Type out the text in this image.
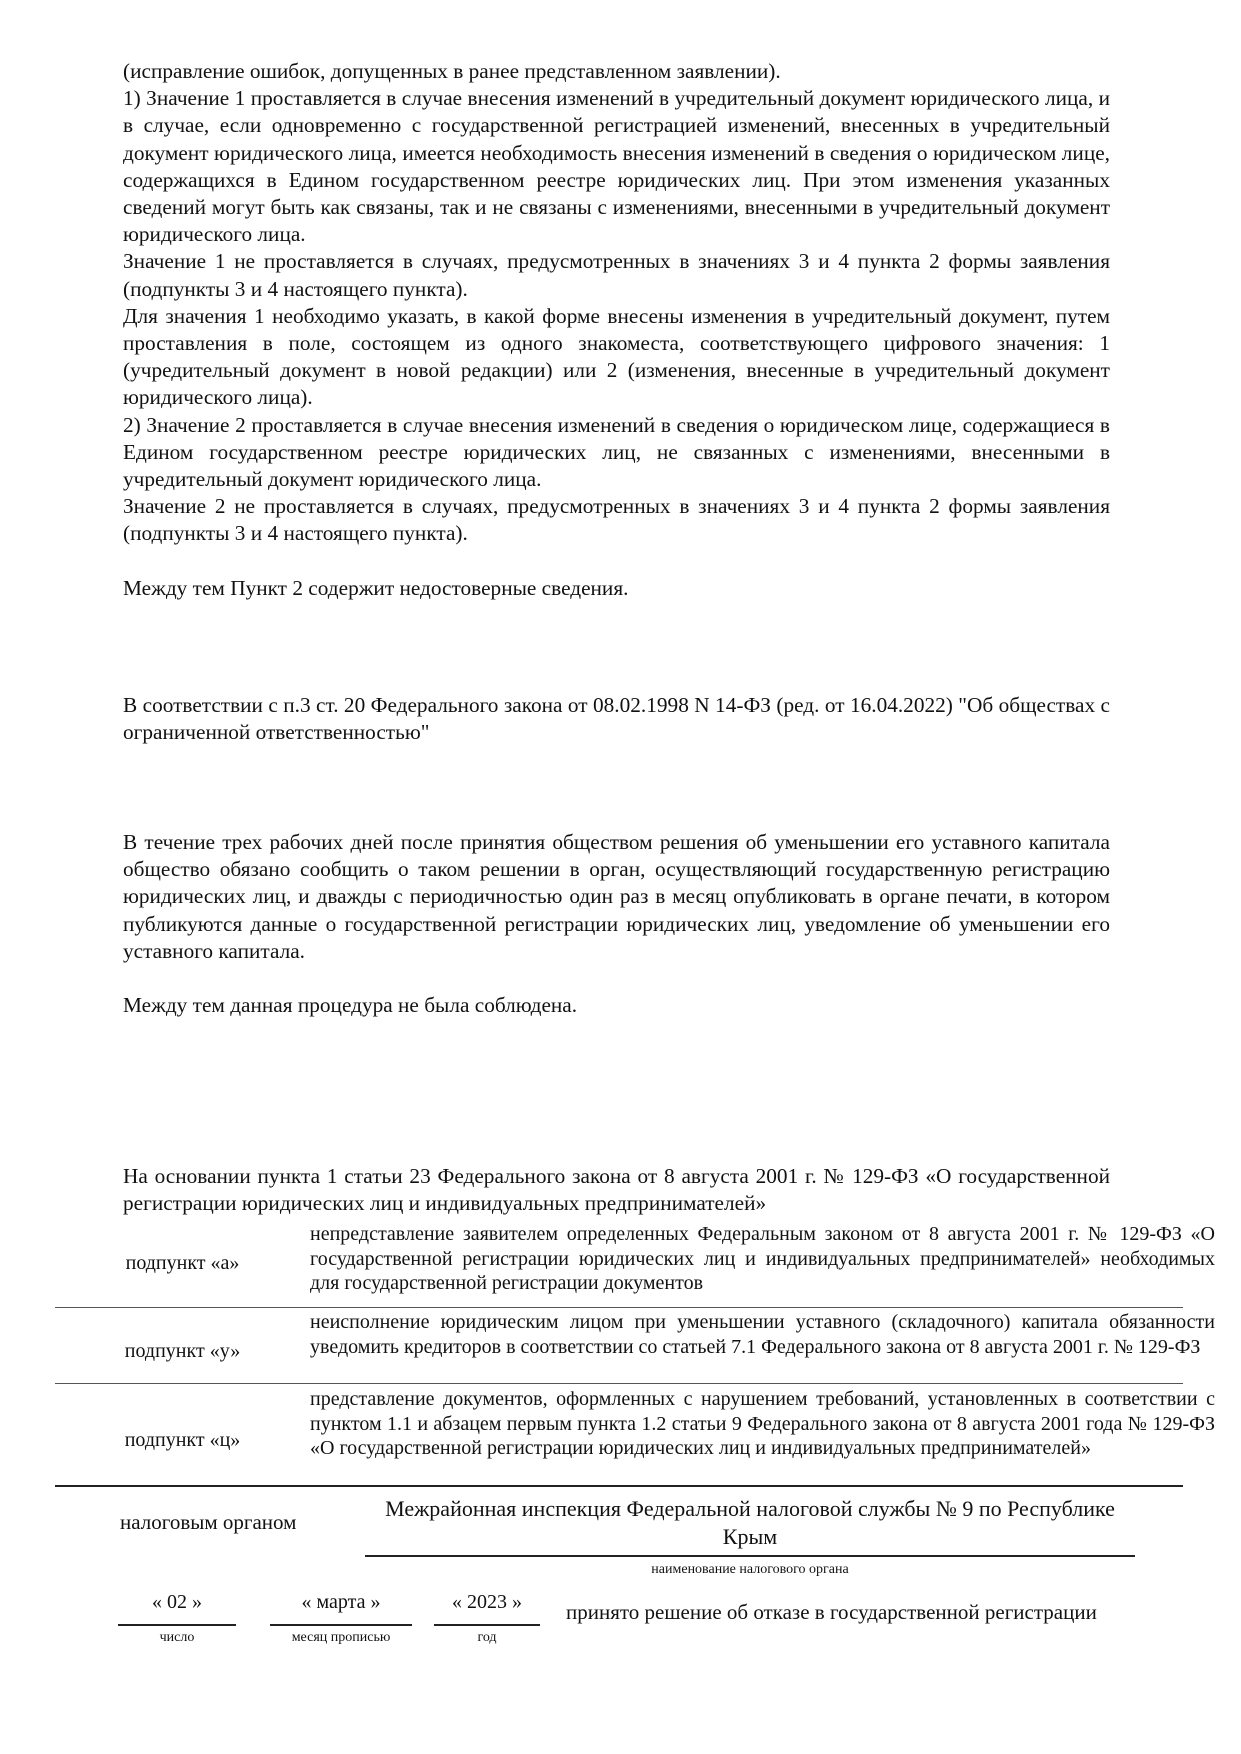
(исправление ошибок, допущенных в ранее представленном заявлении).

1) Значение 1 проставляется в случае внесения изменений в учредительный документ юридического лица, и в случае, если одновременно с государственной регистрацией изменений, внесенных в учредительный документ юридического лица, имеется необходимость внесения изменений в сведения о юридическом лице, содержащихся в Едином государственном реестре юридических лиц. При этом изменения указанных сведений могут быть как связаны, так и не связаны с изменениями, внесенными в учредительный документ юридического лица.

Значение 1 не проставляется в случаях, предусмотренных в значениях 3 и 4 пункта 2 формы заявления (подпункты 3 и 4 настоящего пункта).

Для значения 1 необходимо указать, в какой форме внесены изменения в учредительный документ, путем проставления в поле, состоящем из одного знакоместа, соответствующего цифрового значения: 1 (учредительный документ в новой редакции) или 2 (изменения, внесенные в учредительный документ юридического лица).

2) Значение 2 проставляется в случае внесения изменений в сведения о юридическом лице, содержащиеся в Едином государственном реестре юридических лиц, не связанных с изменениями, внесенными в учредительный документ юридического лица.

Значение 2 не проставляется в случаях, предусмотренных в значениях 3 и 4 пункта 2 формы заявления (подпункты 3 и 4 настоящего пункта).

Между тем Пункт 2 содержит недостоверные сведения.

В соответствии с п.3 ст. 20 Федерального закона от 08.02.1998 N 14-ФЗ (ред. от 16.04.2022) "Об обществах с ограниченной ответственностью"

В течение трех рабочих дней после принятия обществом решения об уменьшении его уставного капитала общество обязано сообщить о таком решении в орган, осуществляющий государственную регистрацию юридических лиц, и дважды с периодичностью один раз в месяц опубликовать в органе печати, в котором публикуются данные о государственной регистрации юридических лиц, уведомление об уменьшении его уставного капитала.

Между тем данная процедура не была соблюдена.

На основании пункта 1 статьи 23 Федерального закона от 8 августа 2001 г. № 129-ФЗ «О государственной регистрации юридических лиц и индивидуальных предпринимателей»

подпункт «а»
непредставление заявителем определенных Федеральным законом от 8 августа 2001 г. № 129-ФЗ «О государственной регистрации юридических лиц и индивидуальных предпринимателей» необходимых для государственной регистрации документов
подпункт «у»
неисполнение юридическим лицом при уменьшении уставного (складочного) капитала обязанности уведомить кредиторов в соответствии со статьей 7.1 Федерального закона от 8 августа 2001 г. № 129-ФЗ
подпункт «ц»
представление документов, оформленных с нарушением требований, установленных в соответствии с пунктом 1.1 и абзацем первым пункта 1.2 статьи 9 Федерального закона от 8 августа 2001 года № 129-ФЗ «О государственной регистрации юридических лиц и индивидуальных предпринимателей»
налоговым органом
Межрайонная инспекция Федеральной налоговой службы № 9 по Республике Крым
наименование налогового органа
« 02 »
число
« марта »
месяц прописью
« 2023 »
год
принято решение об отказе в государственной регистрации
